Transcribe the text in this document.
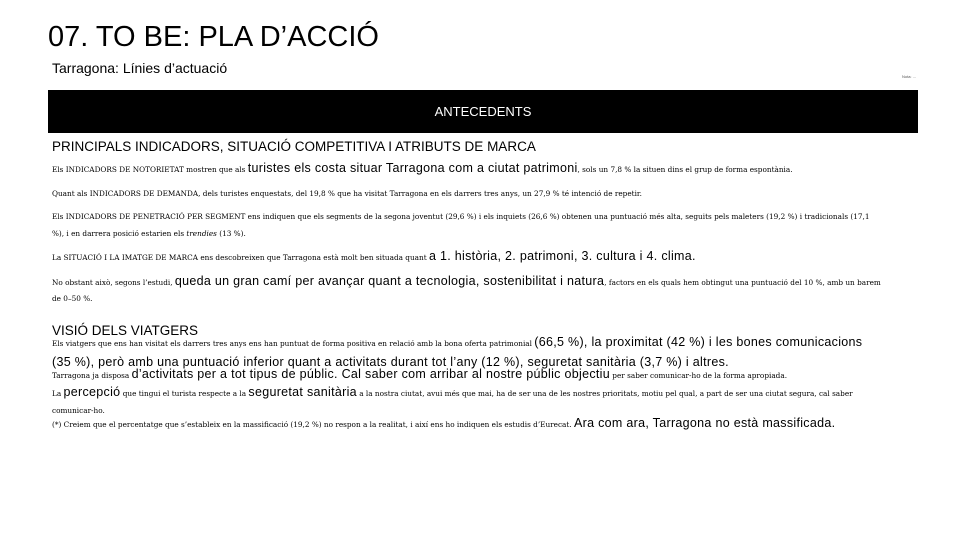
07. TO BE: PLA D’ACCIÓ
Tarragona: Línies d’actuació
Nota: ...
ANTECEDENTS
PRINCIPALS INDICADORS, SITUACIÓ COMPETITIVA I ATRIBUTS DE MARCA
VISIÓ DELS VIATGERS
Els INDICADORS DE NOTORIETAT mostren que als turistes els costa situar Tarragona com a ciutat patrimoni, sols un 7,8 % la situen dins el grup de forma espontània.
Quant als INDICADORS DE DEMANDA, dels turistes enquestats, del 19,8 % que ha visitat Tarragona en els darrers tres anys, un 27,9 % té intenció de repetir.
Els INDICADORS DE PENETRACIÓ PER SEGMENT ens indiquen que els segments de la segona joventut (29,6 %) i els inquiets (26,6 %) obtenen una puntuació més alta, seguits pels maleters (19,2 %) i tradicionals (17,1
%), i en darrera posició estarien els trendies (13 %).
La SITUACIÓ I LA IMATGE DE MARCA ens descobreixen que Tarragona està molt ben situada quant a 1. història, 2. patrimoni, 3. cultura i 4. clima.
No obstant això, segons l’estudi, queda un gran camí per avançar quant a tecnologia, sostenibilitat i natura, factors en els quals hem obtingut una puntuació del 10 %, amb un barem
de 0–50 %.
Els viatgers que ens han visitat els darrers tres anys ens han puntuat de forma positiva en relació amb la bona oferta patrimonial (66,5 %), la proximitat (42 %) i les bones comunicacions
(35 %), però amb una puntuació inferior quant a activitats durant tot l’any (12 %), seguretat sanitària (3,7 %) i altres.
Tarragona ja disposa d’activitats per a tot tipus de públic. Cal saber com arribar al nostre públic objectiu per saber comunicar-ho de la forma apropiada.
La percepció que tingui el turista respecte a la seguretat sanitària a la nostra ciutat, avui més que mai, ha de ser una de les nostres prioritats, motiu pel qual, a part de ser una ciutat segura, cal saber
comunicar-ho.
(*) Creiem que el percentatge que s’estableix en la massificació (19,2 %) no respon a la realitat, i així ens ho indiquen els estudis d’Eurecat. Ara com ara, Tarragona no està massificada.
